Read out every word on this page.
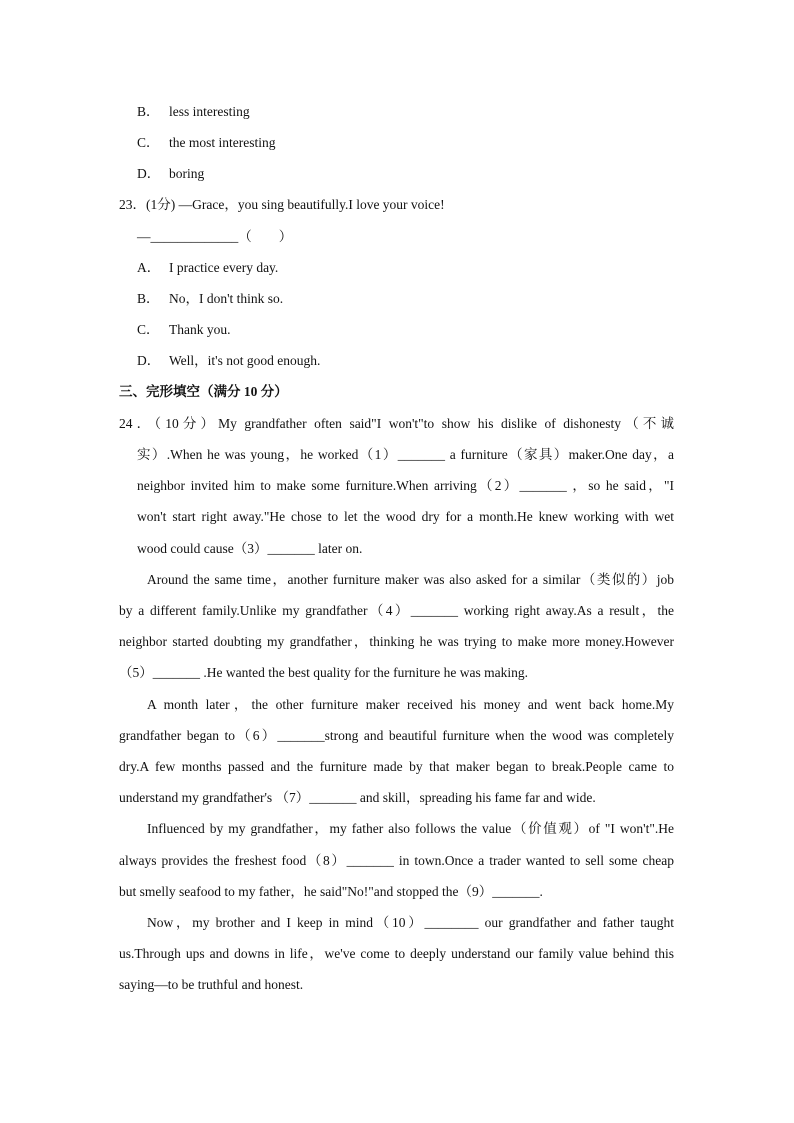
B． less interesting
C． the most interesting
D． boring
23．(1分) —Grace，you sing beautifully.I love your voice!
—_____________（　　）
A． I practice every day.
B． No，I don't think so.
C． Thank you.
D． Well，it's not good enough.
三、完形填空（满分 10 分）
24．（10分）My grandfather often said"I won't"to show his dislike of dishonesty（不诚
实）.When he was young，he worked（1）_______ a furniture（家具）maker.One day，a
neighbor invited him to make some furniture.When arriving（2）_______ ，so he said，"I
won't start right away."He chose to let the wood dry for a month.He knew working with wet
wood could cause（3）_______ later on.
Around the same time，another furniture maker was also asked for a similar（类似的）job
by a different family.Unlike my grandfather（4）_______ working right away.As a result，the
neighbor started doubting my grandfather，thinking he was trying to make more money.However
（5）_______ .He wanted the best quality for the furniture he was making.
A month later，the other furniture maker received his money and went back home.My
grandfather began to（6）_______strong and beautiful furniture when the wood was completely
dry.A few months passed and the furniture made by that maker began to break.People came to
understand my grandfather's （7）_______ and skill，spreading his fame far and wide.
Influenced by my grandfather，my father also follows the value（价值观）of "I won't".He
always provides the freshest food（8）_______ in town.Once a trader wanted to sell some cheap
but smelly seafood to my father，he said"No!"and stopped the（9）_______.
Now，my brother and I keep in mind（10）________ our grandfather and father taught
us.Through ups and downs in life，we've come to deeply understand our family value behind this
saying—to be truthful and honest.
